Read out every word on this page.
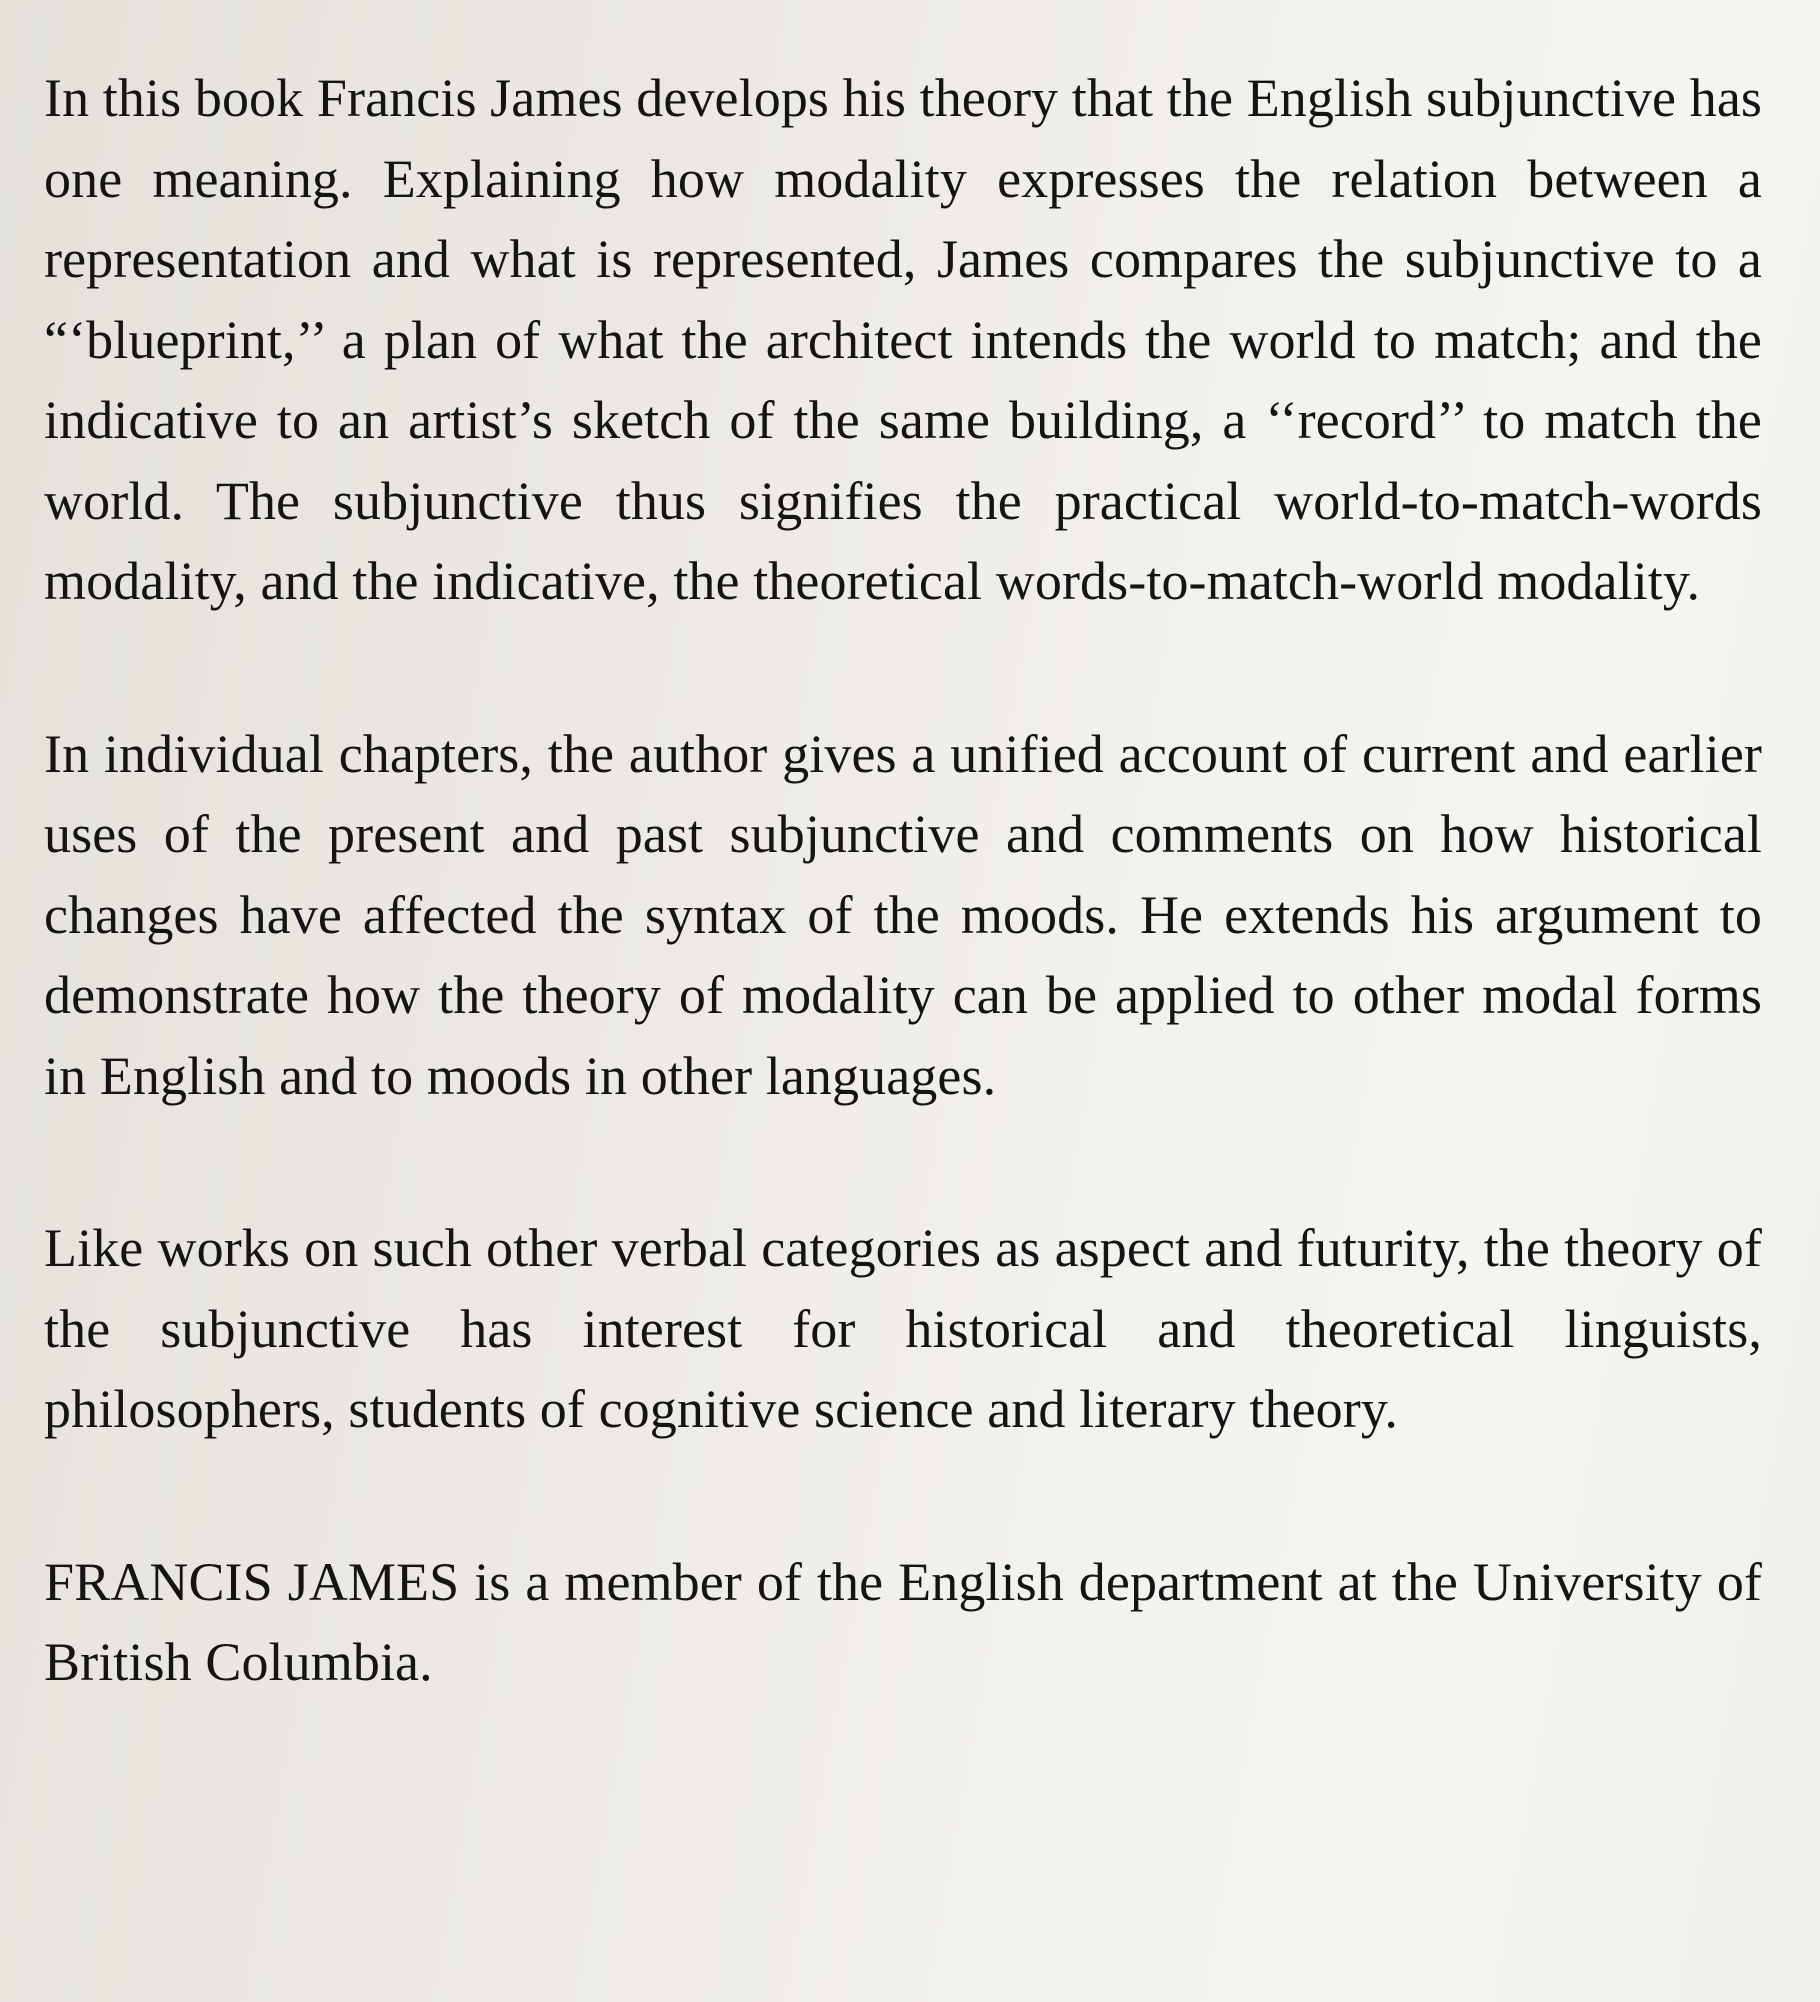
In this book Francis James develops his theory that the English subjunctive has one meaning. Explaining how modality expresses the relation between a representation and what is represented, James compares the subjunctive to a “‘blueprint,’’ a plan of what the architect intends the world to match; and the indicative to an artist’s sketch of the same building, a ‘‘record’’ to match the world. The subjunctive thus signifies the practical world-to-match-words modality, and the indicative, the theoretical words-to-match-world modality.

In individual chapters, the author gives a unified account of current and earlier uses of the present and past subjunctive and comments on how historical changes have affected the syntax of the moods. He extends his argument to demonstrate how the theory of modality can be applied to other modal forms in English and to moods in other languages.

Like works on such other verbal categories as aspect and futurity, the theory of the subjunctive has interest for historical and theoretical linguists, philosophers, students of cognitive science and literary theory.

FRANCIS JAMES is a member of the English department at the University of British Columbia.
